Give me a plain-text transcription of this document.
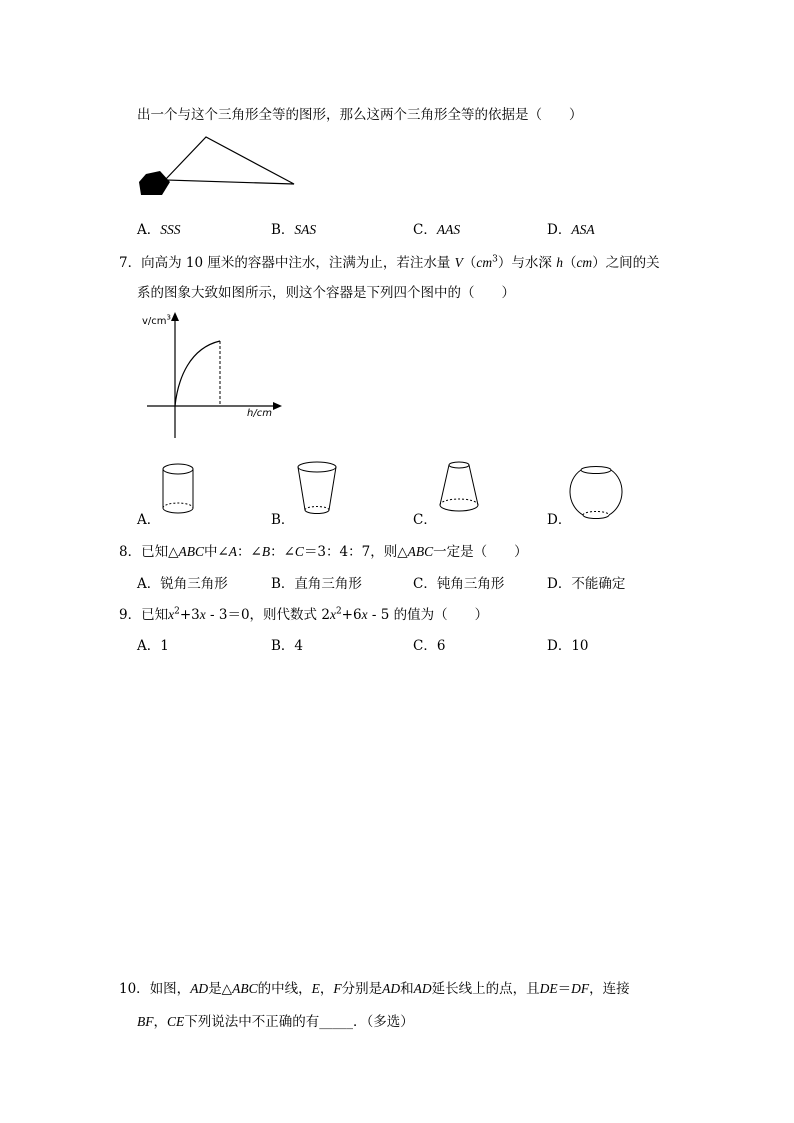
出一个与这个三角形全等的图形，那么这两个三角形全等的依据是（　　）
A．SSS	B．SAS	C．AAS	D．ASA
7．向高为 10 厘米的容器中注水，注满为止，若注水量 $V(cm^3)$与水深 h（cm）之间的关
系的图象大致如图所示，则这个容器是下列四个图中的（　　）
$v/cm^3$
h/cm
A．	B．	C．	D．
8．已知△ABC中∠A：∠B：∠C＝3：4：7，则△ABC一定是（　　）
A．锐角三角形	B．直角三角形	C．钝角三角形	D．不能确定
9．已知$x^2+3x - 3=0$，则代数式 $2x^2+6x - 5$ 的值为（　　）
A．1	B．4	C．6	D．10
10．如图，AD是△ABC的中线，E，F分别是AD和AD延长线上的点，且DE＝DF，连接
BF，CE下列说法中不正确的有_____．（多选）
